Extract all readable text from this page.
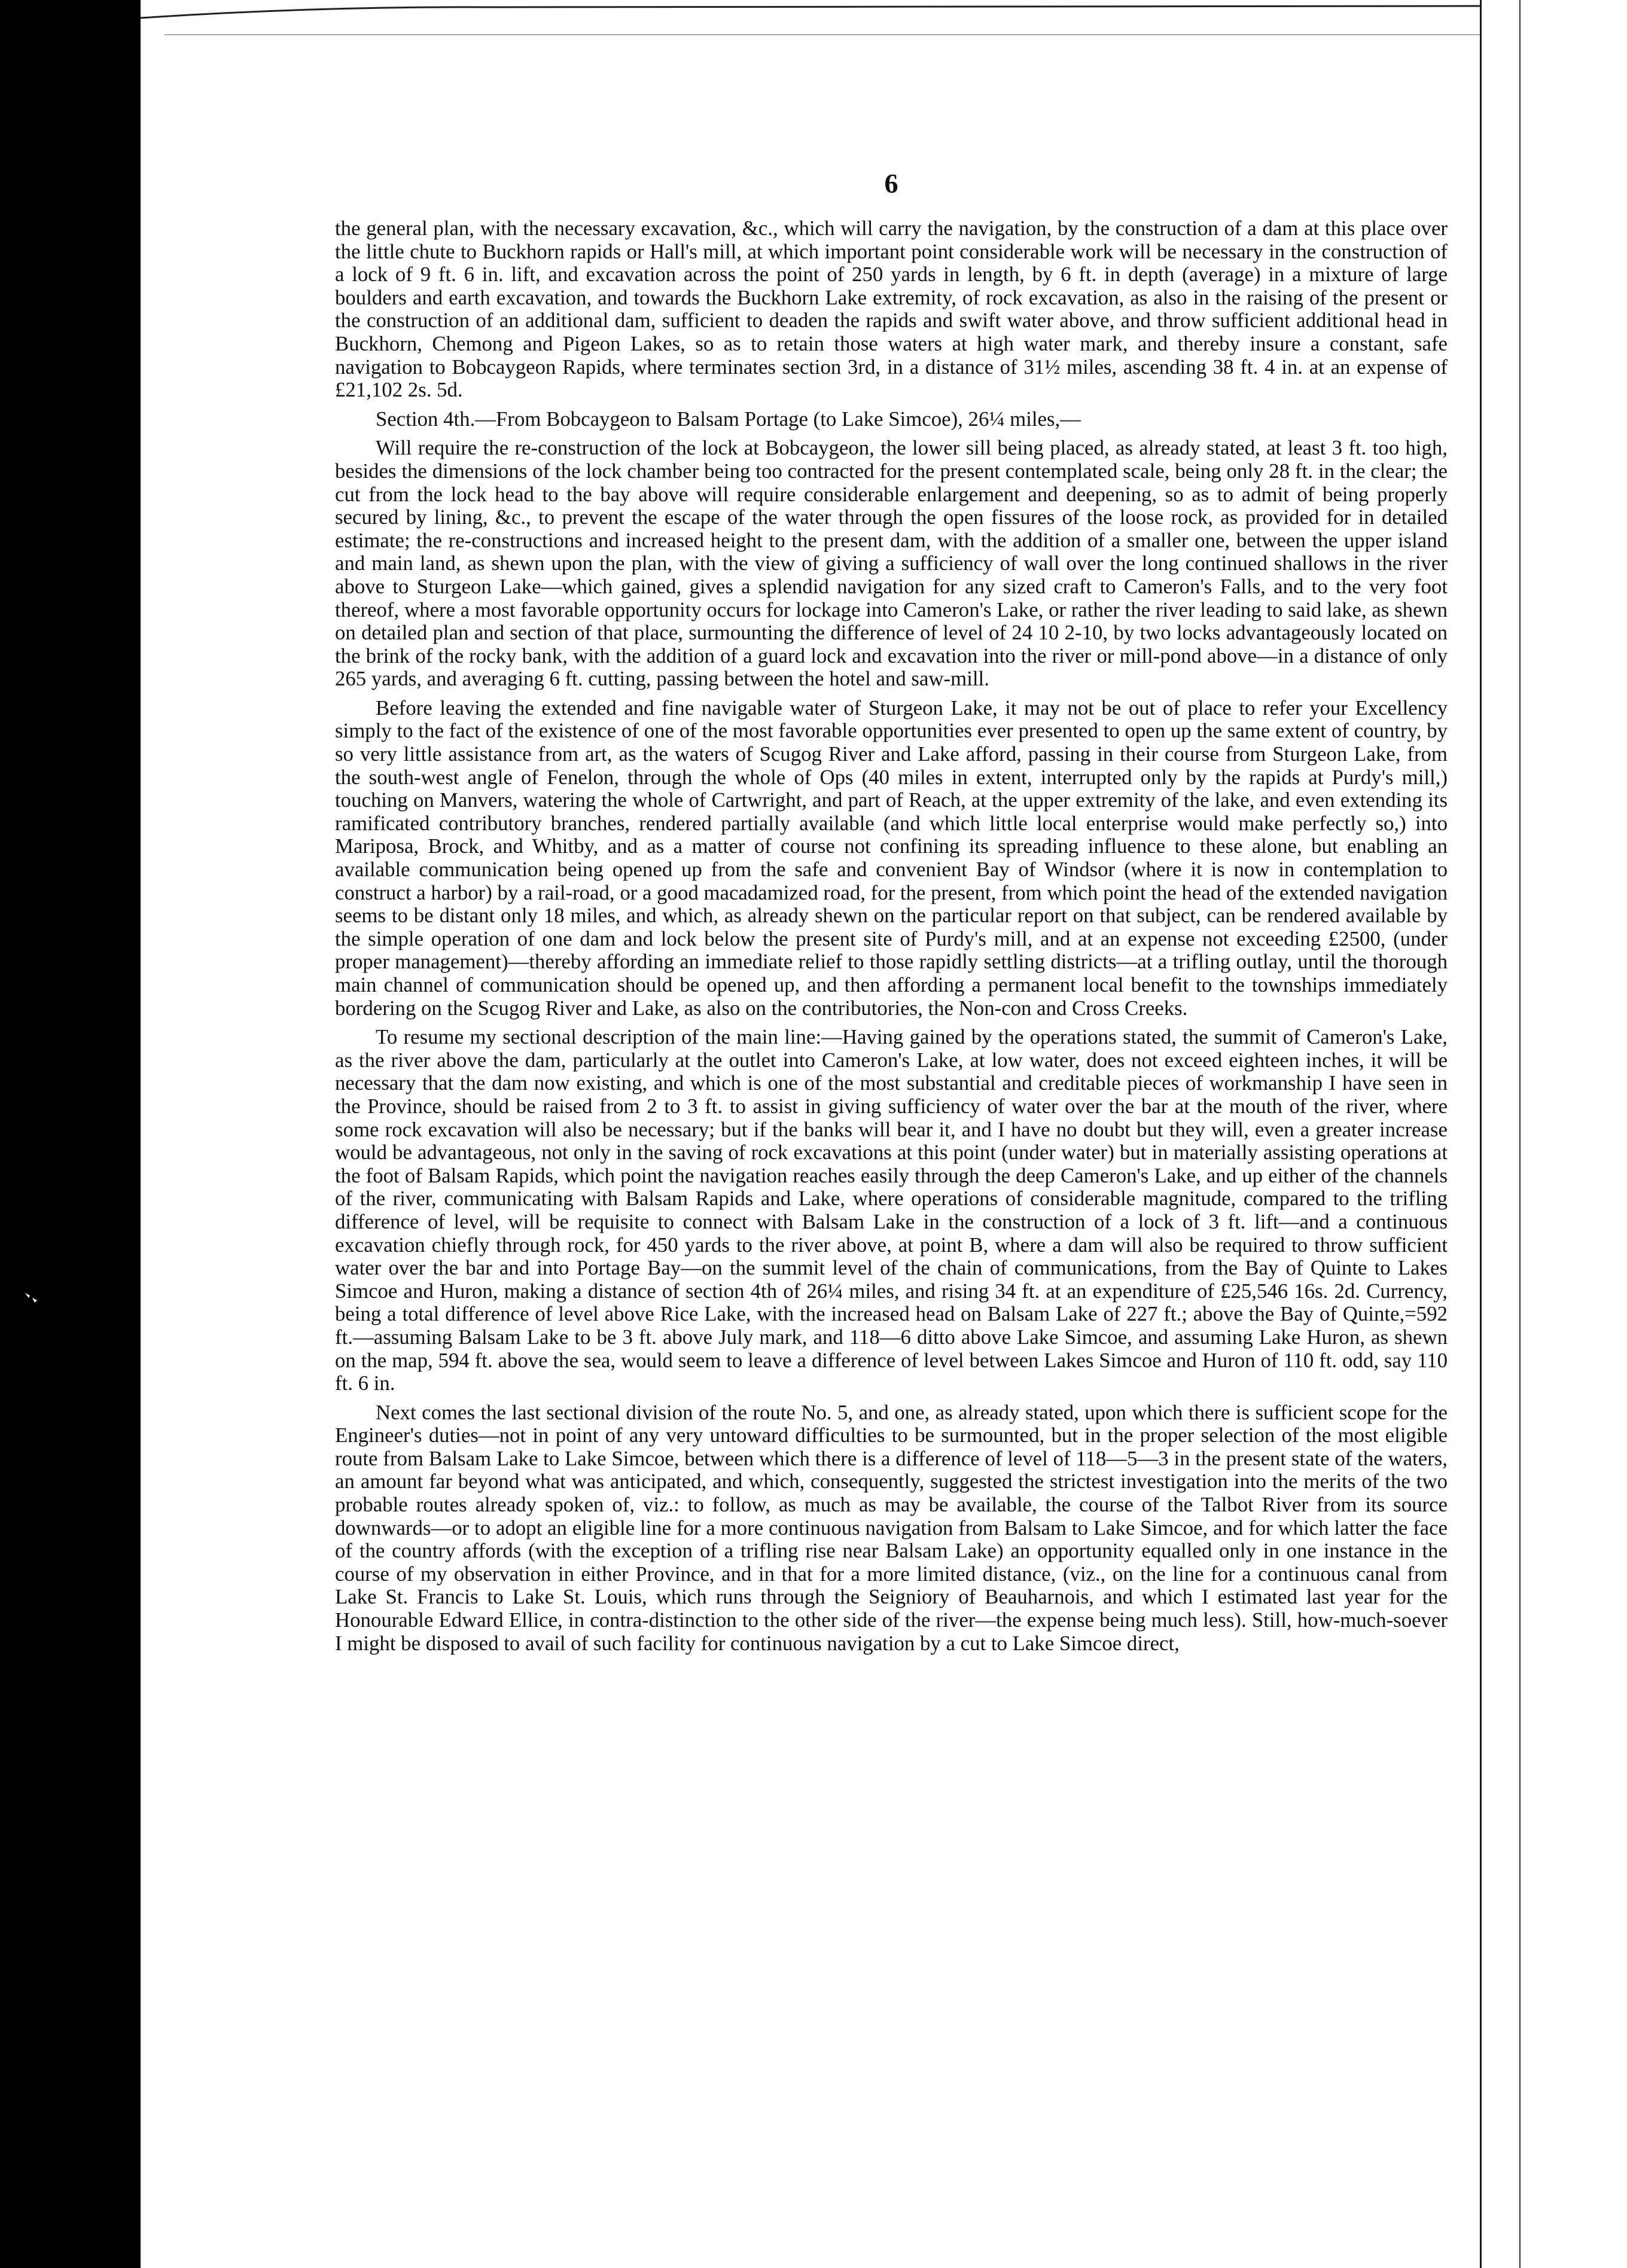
6

the general plan, with the necessary excavation, &c., which will carry the navigation, by the construction of a dam at this place over the little chute to Buckhorn rapids or Hall's mill, at which important point considerable work will be necessary in the construction of a lock of 9 ft. 6 in. lift, and excavation across the point of 250 yards in length, by 6 ft. in depth (average) in a mixture of large boulders and earth excavation, and towards the Buckhorn Lake extremity, of rock excavation, as also in the raising of the present or the construction of an additional dam, sufficient to deaden the rapids and swift water above, and throw sufficient additional head in Buckhorn, Chemong and Pigeon Lakes, so as to retain those waters at high water mark, and thereby insure a constant, safe navigation to Bobcaygeon Rapids, where terminates section 3rd, in a distance of 31½ miles, ascending 38 ft. 4 in. at an expense of £21,102 2s. 5d.

Section 4th.—From Bobcaygeon to Balsam Portage (to Lake Simcoe), 26¼ miles,—

Will require the re-construction of the lock at Bobcaygeon, the lower sill being placed, as already stated, at least 3 ft. too high, besides the dimensions of the lock chamber being too contracted for the present contemplated scale, being only 28 ft. in the clear; the cut from the lock head to the bay above will require considerable enlargement and deepening, so as to admit of being properly secured by lining, &c., to prevent the escape of the water through the open fissures of the loose rock, as provided for in detailed estimate; the re-constructions and increased height to the present dam, with the addition of a smaller one, between the upper island and main land, as shewn upon the plan, with the view of giving a sufficiency of wall over the long continued shallows in the river above to Sturgeon Lake—which gained, gives a splendid navigation for any sized craft to Cameron's Falls, and to the very foot thereof, where a most favorable opportunity occurs for lockage into Cameron's Lake, or rather the river leading to said lake, as shewn on detailed plan and section of that place, surmounting the difference of level of 24 10 2-10, by two locks advantageously located on the brink of the rocky bank, with the addition of a guard lock and excavation into the river or mill-pond above—in a distance of only 265 yards, and averaging 6 ft. cutting, passing between the hotel and saw-mill.

Before leaving the extended and fine navigable water of Sturgeon Lake, it may not be out of place to refer your Excellency simply to the fact of the existence of one of the most favorable opportunities ever presented to open up the same extent of country, by so very little assistance from art, as the waters of Scugog River and Lake afford, passing in their course from Sturgeon Lake, from the south-west angle of Fenelon, through the whole of Ops (40 miles in extent, interrupted only by the rapids at Purdy's mill,) touching on Manvers, watering the whole of Cartwright, and part of Reach, at the upper extremity of the lake, and even extending its ramificated contributory branches, rendered partially available (and which little local enterprise would make perfectly so,) into Mariposa, Brock, and Whitby, and as a matter of course not confining its spreading influence to these alone, but enabling an available communication being opened up from the safe and convenient Bay of Windsor (where it is now in contemplation to construct a harbor) by a rail-road, or a good macadamized road, for the present, from which point the head of the extended navigation seems to be distant only 18 miles, and which, as already shewn on the particular report on that subject, can be rendered available by the simple operation of one dam and lock below the present site of Purdy's mill, and at an expense not exceeding £2500, (under proper management)—thereby affording an immediate relief to those rapidly settling districts—at a trifling outlay, until the thorough main channel of communication should be opened up, and then affording a permanent local benefit to the townships immediately bordering on the Scugog River and Lake, as also on the contributories, the Non-con and Cross Creeks.

To resume my sectional description of the main line:—Having gained by the operations stated, the summit of Cameron's Lake, as the river above the dam, particularly at the outlet into Cameron's Lake, at low water, does not exceed eighteen inches, it will be necessary that the dam now existing, and which is one of the most substantial and creditable pieces of workmanship I have seen in the Province, should be raised from 2 to 3 ft. to assist in giving sufficiency of water over the bar at the mouth of the river, where some rock excavation will also be necessary; but if the banks will bear it, and I have no doubt but they will, even a greater increase would be advantageous, not only in the saving of rock excavations at this point (under water) but in materially assisting operations at the foot of Balsam Rapids, which point the navigation reaches easily through the deep Cameron's Lake, and up either of the channels of the river, communicating with Balsam Rapids and Lake, where operations of considerable magnitude, compared to the trifling difference of level, will be requisite to connect with Balsam Lake in the construction of a lock of 3 ft. lift—and a continuous excavation chiefly through rock, for 450 yards to the river above, at point B, where a dam will also be required to throw sufficient water over the bar and into Portage Bay—on the summit level of the chain of communications, from the Bay of Quinte to Lakes Simcoe and Huron, making a distance of section 4th of 26¼ miles, and rising 34 ft. at an expenditure of £25,546 16s. 2d. Currency, being a total difference of level above Rice Lake, with the increased head on Balsam Lake of 227 ft.; above the Bay of Quinte,=592 ft.—assuming Balsam Lake to be 3 ft. above July mark, and 118—6 ditto above Lake Simcoe, and assuming Lake Huron, as shewn on the map, 594 ft. above the sea, would seem to leave a difference of level between Lakes Simcoe and Huron of 110 ft. odd, say 110 ft. 6 in.

Next comes the last sectional division of the route No. 5, and one, as already stated, upon which there is sufficient scope for the Engineer's duties—not in point of any very untoward difficulties to be surmounted, but in the proper selection of the most eligible route from Balsam Lake to Lake Simcoe, between which there is a difference of level of 118—5—3 in the present state of the waters, an amount far beyond what was anticipated, and which, consequently, suggested the strictest investigation into the merits of the two probable routes already spoken of, viz.: to follow, as much as may be available, the course of the Talbot River from its source downwards—or to adopt an eligible line for a more continuous navigation from Balsam to Lake Simcoe, and for which latter the face of the country affords (with the exception of a trifling rise near Balsam Lake) an opportunity equalled only in one instance in the course of my observation in either Province, and in that for a more limited distance, (viz., on the line for a continuous canal from Lake St. Francis to Lake St. Louis, which runs through the Seigniory of Beauharnois, and which I estimated last year for the Honourable Edward Ellice, in contra-distinction to the other side of the river—the expense being much less). Still, how-much-soever I might be disposed to avail of such facility for continuous navigation by a cut to Lake Simcoe direct,
